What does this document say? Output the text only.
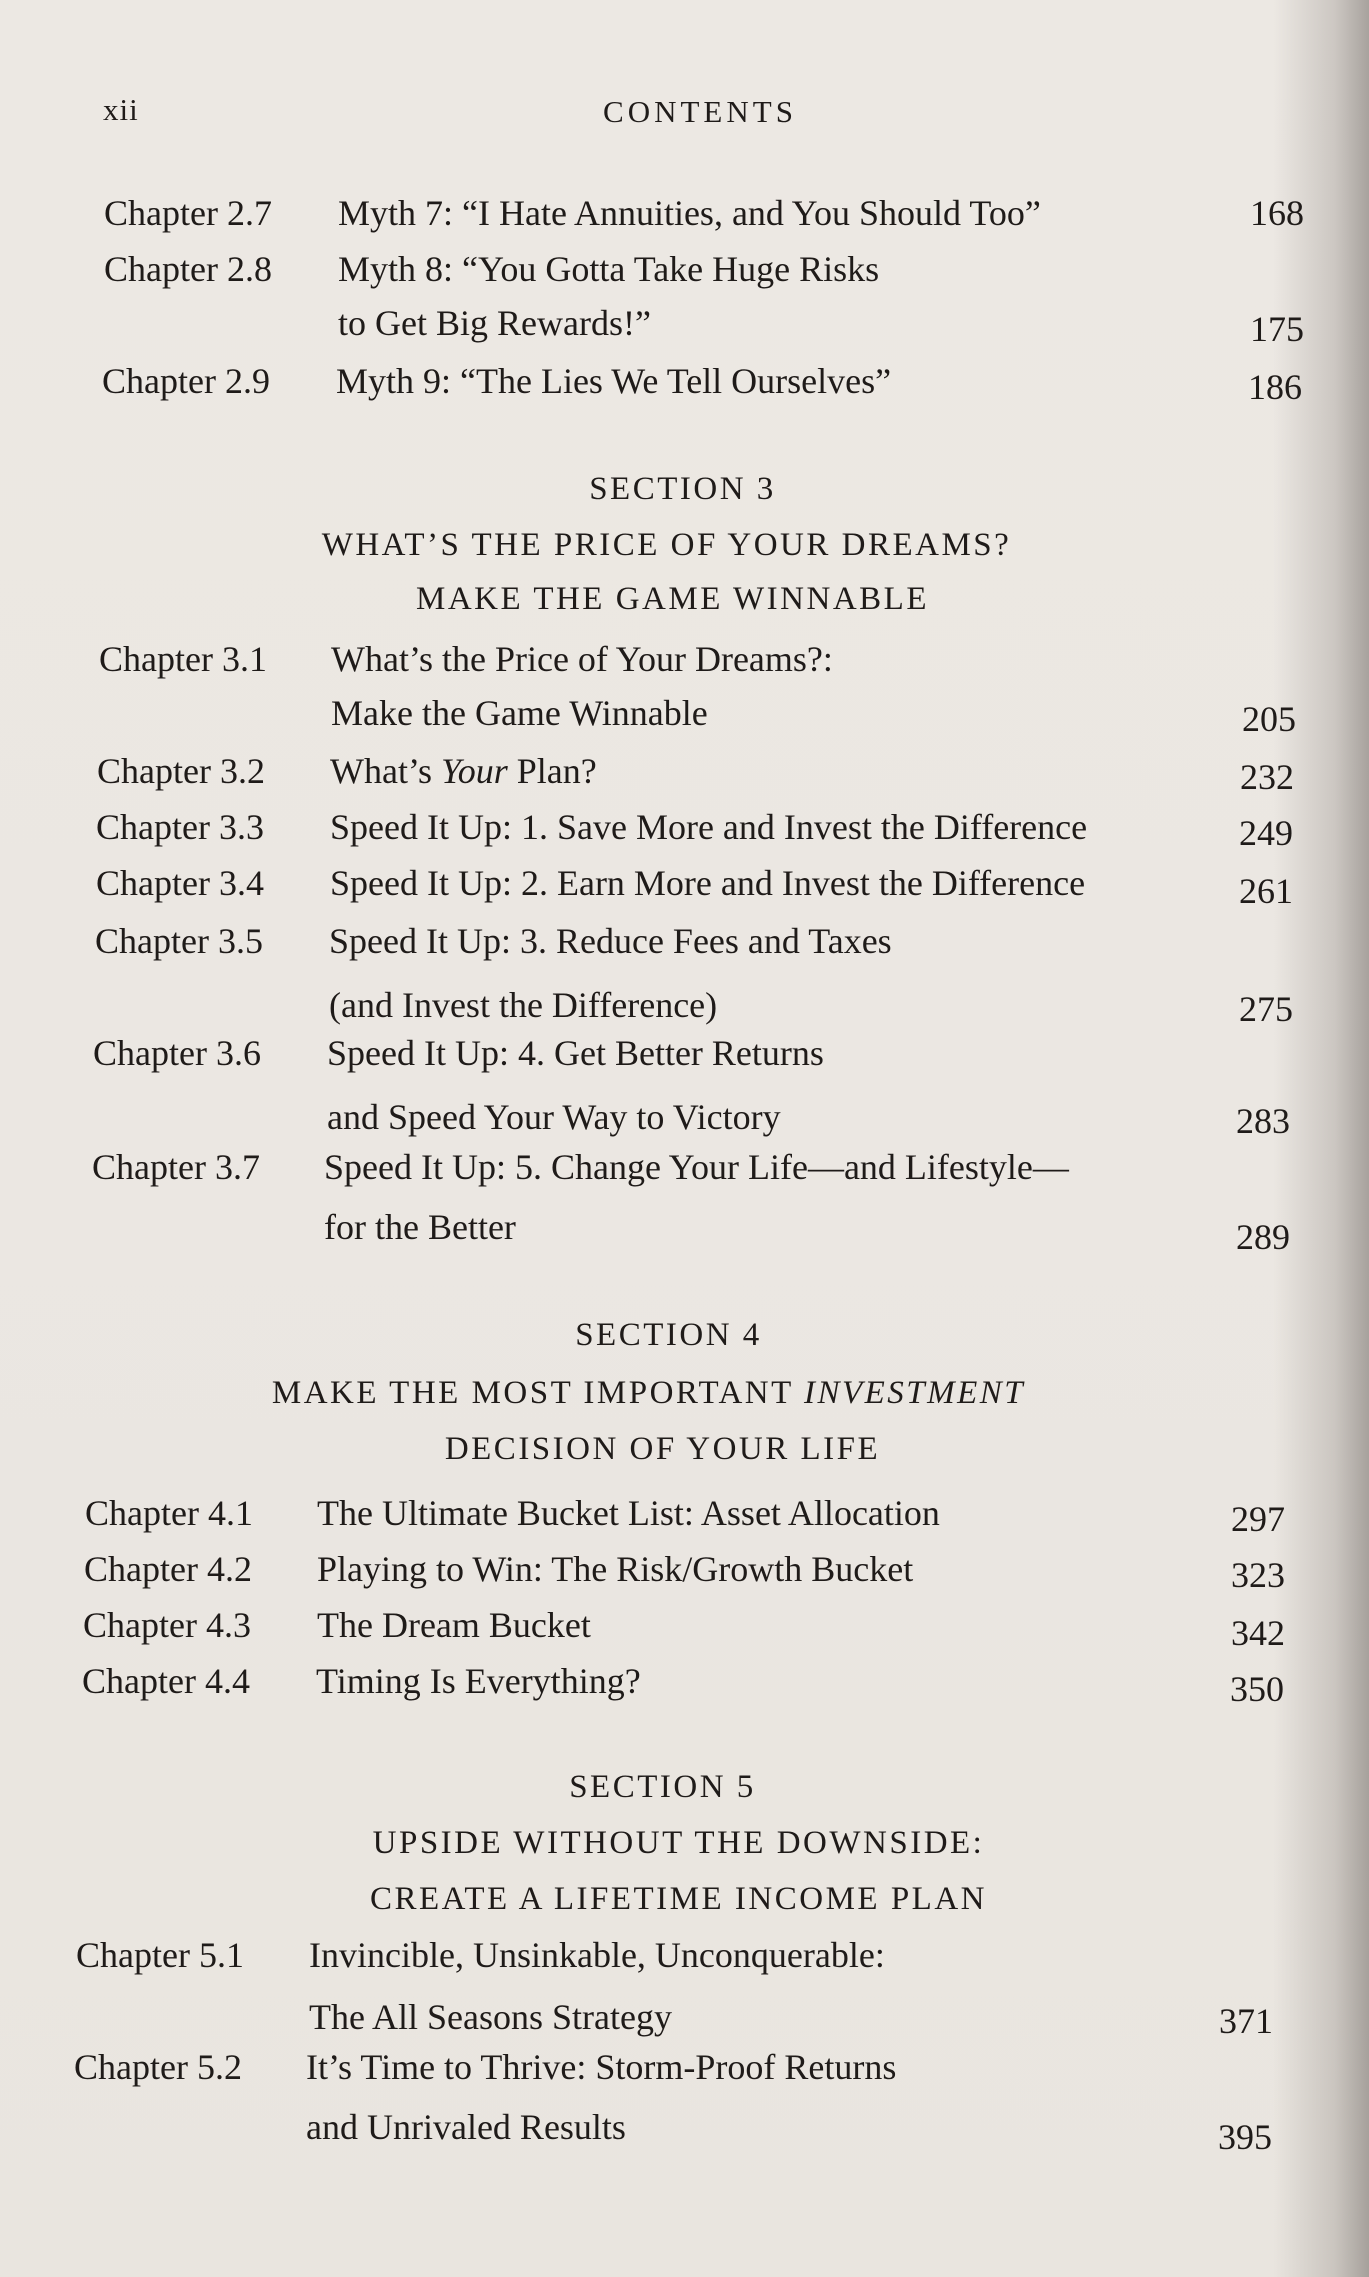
xii	CONTENTS
Chapter 2.7 Myth 7: “I Hate Annuities, and You Should Too”	168
Chapter 2.8 Myth 8: “You Gotta Take Huge Risks
to Get Big Rewards!”	175
Chapter 2.9 Myth 9: “The Lies We Tell Ourselves”	186
SECTION 3
WHAT’S THE PRICE OF YOUR DREAMS?
MAKE THE GAME WINNABLE
Chapter 3.1 What’s the Price of Your Dreams?:
Make the Game Winnable	205
Chapter 3.2 What’s Your Plan?	232
Chapter 3.3 Speed It Up: 1. Save More and Invest the Difference	249
Chapter 3.4 Speed It Up: 2. Earn More and Invest the Difference	261
Chapter 3.5 Speed It Up: 3. Reduce Fees and Taxes
(and Invest the Difference)	275
Chapter 3.6 Speed It Up: 4. Get Better Returns
and Speed Your Way to Victory	283
Chapter 3.7 Speed It Up: 5. Change Your Life—and Lifestyle—
for the Better	289
SECTION 4
MAKE THE MOST IMPORTANT INVESTMENT
DECISION OF YOUR LIFE
Chapter 4.1 The Ultimate Bucket List: Asset Allocation	297
Chapter 4.2 Playing to Win: The Risk/Growth Bucket	323
Chapter 4.3 The Dream Bucket	342
Chapter 4.4 Timing Is Everything?	350
SECTION 5
UPSIDE WITHOUT THE DOWNSIDE:
CREATE A LIFETIME INCOME PLAN
Chapter 5.1 Invincible, Unsinkable, Unconquerable:
The All Seasons Strategy	371
Chapter 5.2 It’s Time to Thrive: Storm-Proof Returns
and Unrivaled Results	395
